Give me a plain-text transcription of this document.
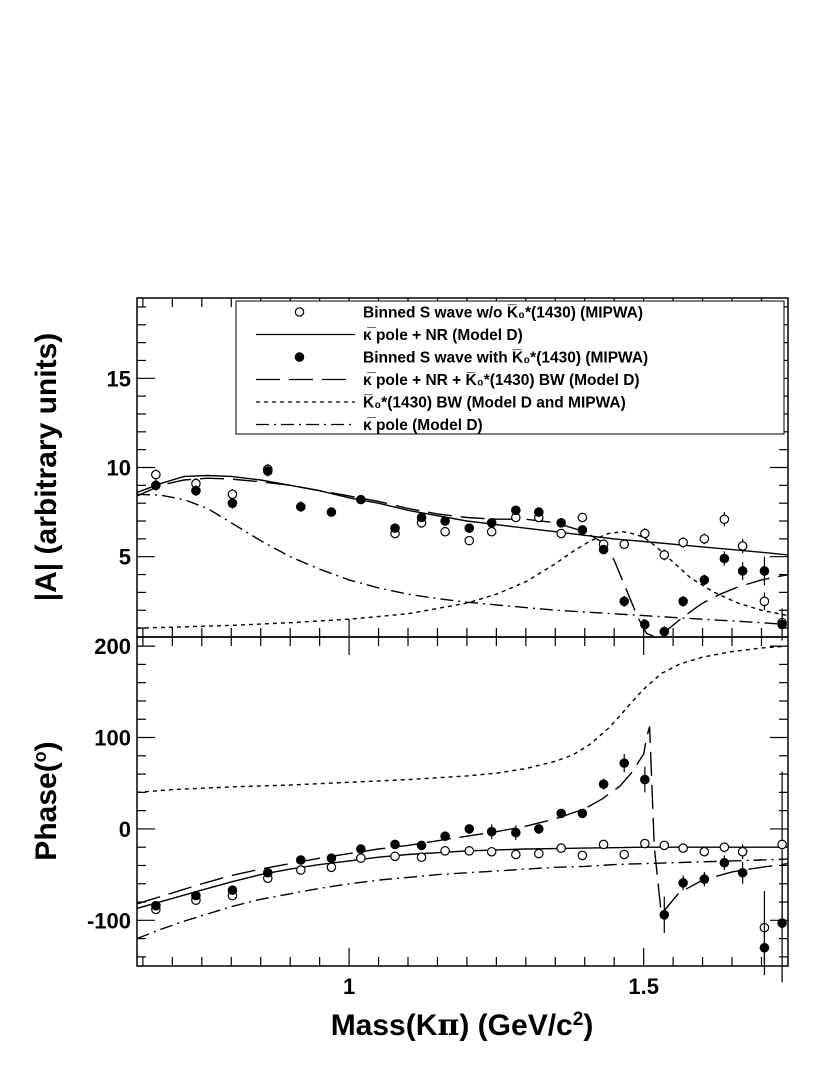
5
10
15
-100
0
100
200
1	1.5
|A| (arbitrary units)
Phase($^o$)
Mass(Kπ) $(GeV/c^2)$
Binned S wave w/o K̅₀*(1430) (MIPWA)
κ̅ pole + NR (Model D)
Binned S wave with K̅₀*(1430) (MIPWA)
κ̅ pole + NR + K̅₀*(1430) BW (Model D)
K̅₀*(1430) BW (Model D and MIPWA)
κ̅ pole (Model D)
